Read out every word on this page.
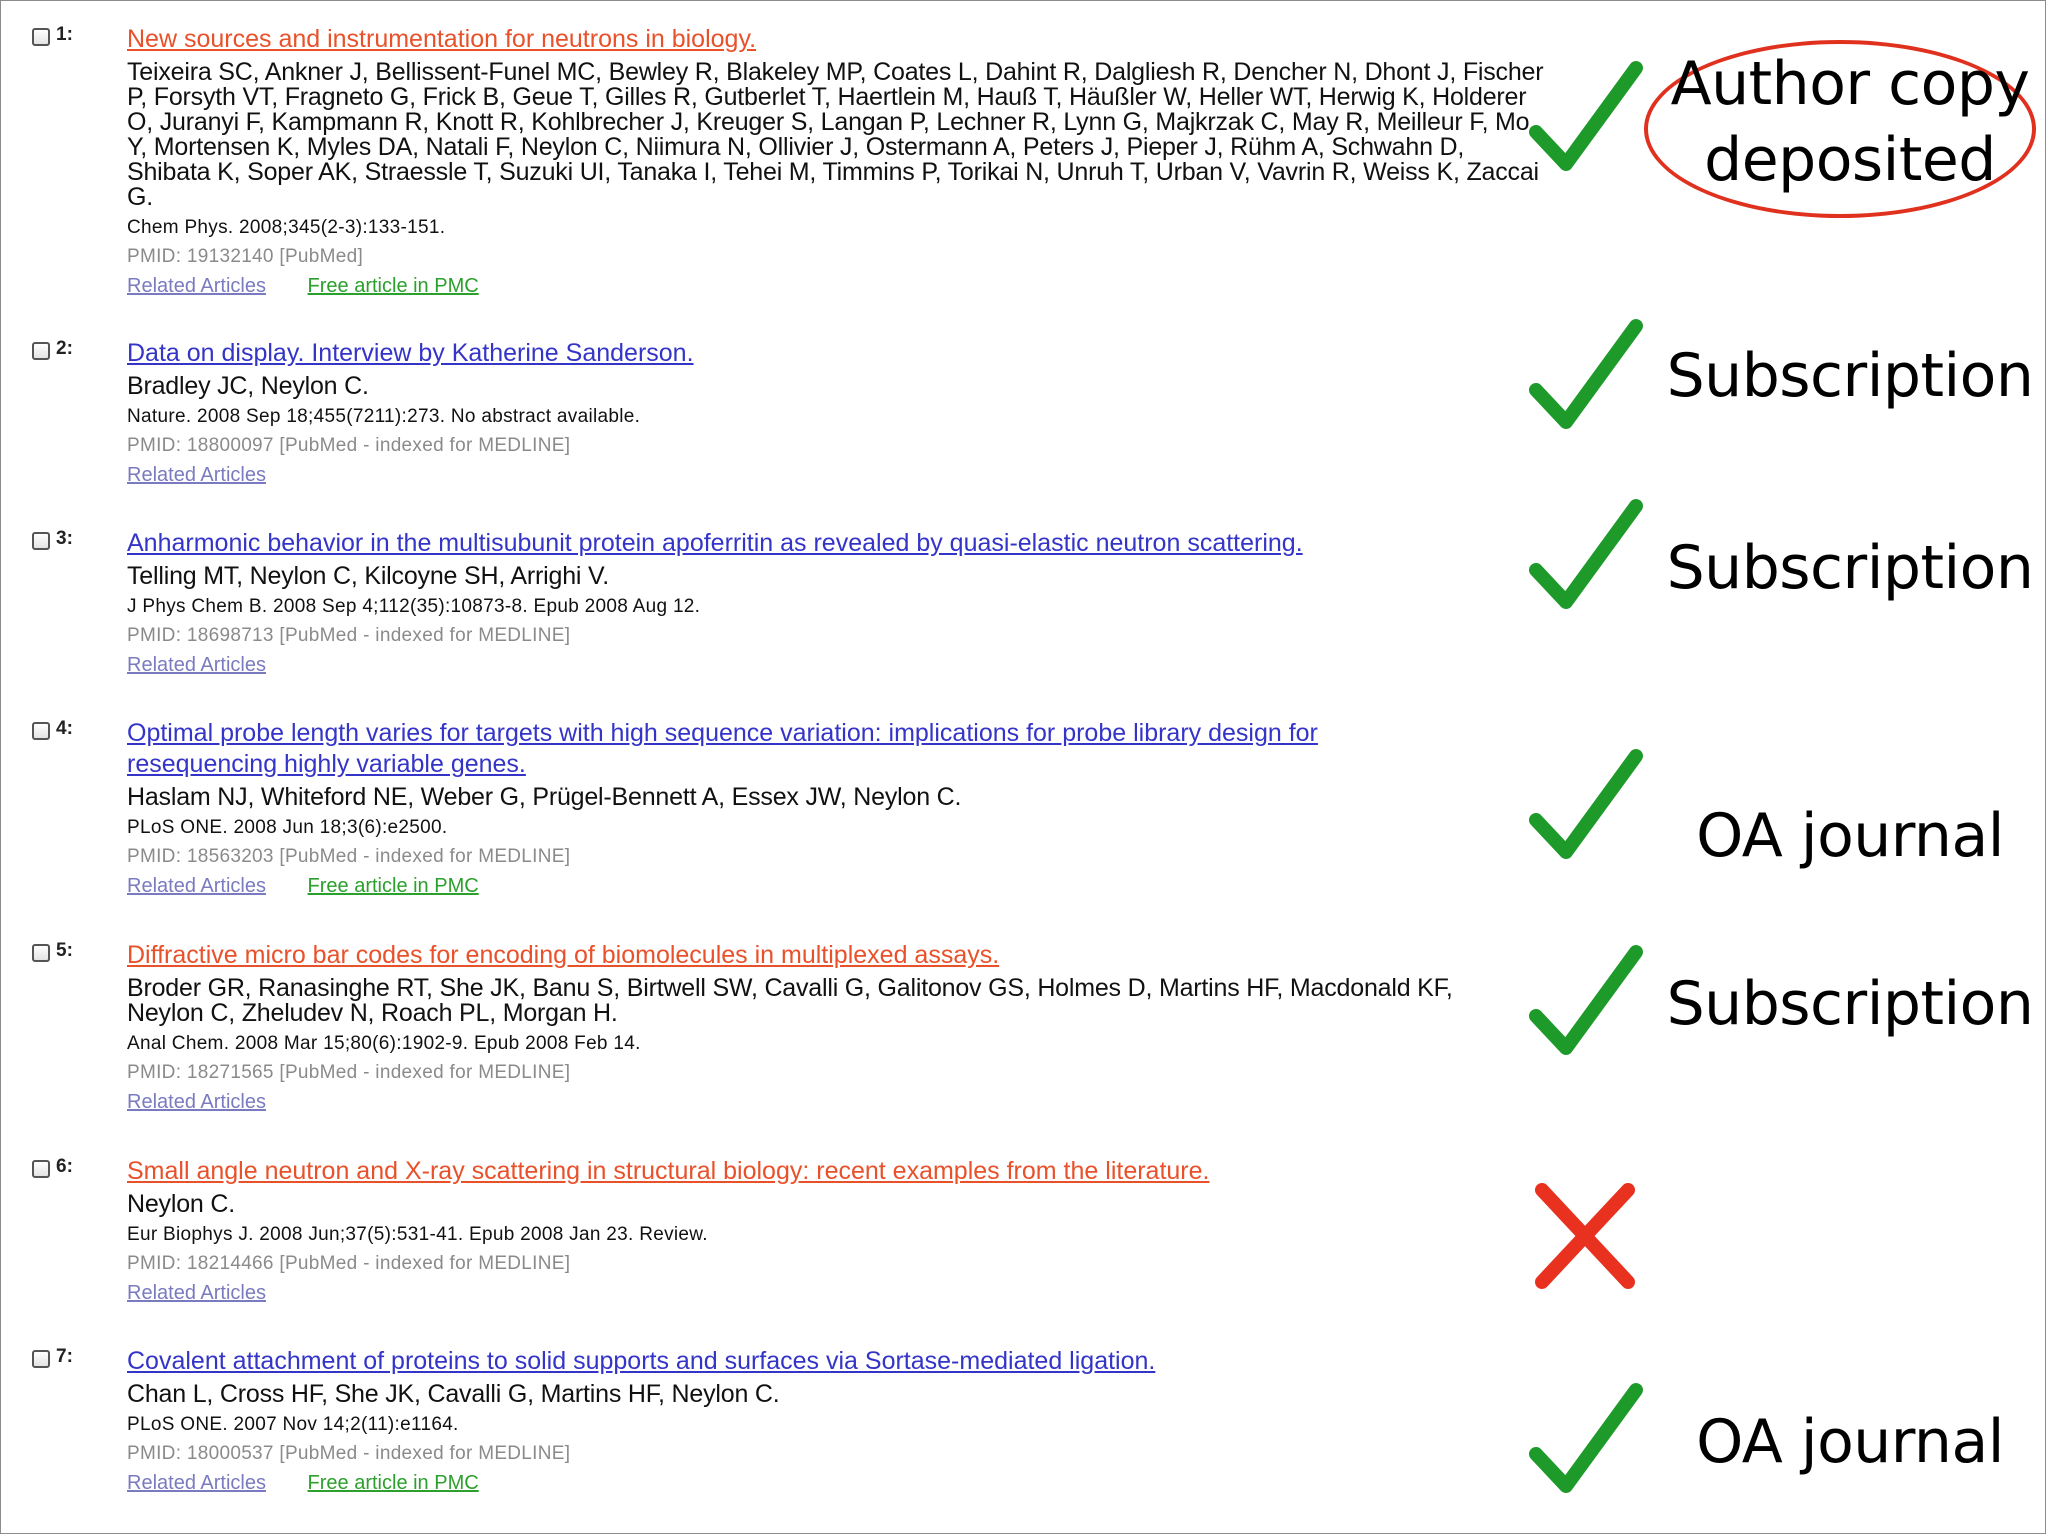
1: New sources and instrumentation for neutrons in biology.
Teixeira SC, Ankner J, Bellissent-Funel MC, Bewley R, Blakeley MP, Coates L, Dahint R, Dalgliesh R, Dencher N, Dhont J, Fischer P, Forsyth VT, Fragneto G, Frick B, Geue T, Gilles R, Gutberlet T, Haertlein M, Hauß T, Häußler W, Heller WT, Herwig K, Holderer O, Juranyi F, Kampmann R, Knott R, Kohlbrecher J, Kreuger S, Langan P, Lechner R, Lynn G, Majkrzak C, May R, Meilleur F, Mo Y, Mortensen K, Myles DA, Natali F, Neylon C, Niimura N, Ollivier J, Ostermann A, Peters J, Pieper J, Rühm A, Schwahn D, Shibata K, Soper AK, Straessle T, Suzuki UI, Tanaka I, Tehei M, Timmins P, Torikai N, Unruh T, Urban V, Vavrin R, Weiss K, Zaccai G.
Chem Phys. 2008;345(2-3):133-151.
PMID: 19132140 [PubMed]
Related Articles Free article in PMC
2: Data on display. Interview by Katherine Sanderson.
Bradley JC, Neylon C.
Nature. 2008 Sep 18;455(7211):273. No abstract available.
PMID: 18800097 [PubMed - indexed for MEDLINE]
Related Articles
3: Anharmonic behavior in the multisubunit protein apoferritin as revealed by quasi-elastic neutron scattering.
Telling MT, Neylon C, Kilcoyne SH, Arrighi V.
J Phys Chem B. 2008 Sep 4;112(35):10873-8. Epub 2008 Aug 12.
PMID: 18698713 [PubMed - indexed for MEDLINE]
Related Articles
4: Optimal probe length varies for targets with high sequence variation: implications for probe library design for resequencing highly variable genes.
Haslam NJ, Whiteford NE, Weber G, Prügel-Bennett A, Essex JW, Neylon C.
PLoS ONE. 2008 Jun 18;3(6):e2500.
PMID: 18563203 [PubMed - indexed for MEDLINE]
Related Articles Free article in PMC
5: Diffractive micro bar codes for encoding of biomolecules in multiplexed assays.
Broder GR, Ranasinghe RT, She JK, Banu S, Birtwell SW, Cavalli G, Galitonov GS, Holmes D, Martins HF, Macdonald KF, Neylon C, Zheludev N, Roach PL, Morgan H.
Anal Chem. 2008 Mar 15;80(6):1902-9. Epub 2008 Feb 14.
PMID: 18271565 [PubMed - indexed for MEDLINE]
Related Articles
6: Small angle neutron and X-ray scattering in structural biology: recent examples from the literature.
Neylon C.
Eur Biophys J. 2008 Jun;37(5):531-41. Epub 2008 Jan 23. Review.
PMID: 18214466 [PubMed - indexed for MEDLINE]
Related Articles
7: Covalent attachment of proteins to solid supports and surfaces via Sortase-mediated ligation.
Chan L, Cross HF, She JK, Cavalli G, Martins HF, Neylon C.
PLoS ONE. 2007 Nov 14;2(11):e1164.
PMID: 18000537 [PubMed - indexed for MEDLINE]
Related Articles Free article in PMC
Author copy
deposited
Subscription
Subscription
OA journal
Subscription
OA journal
